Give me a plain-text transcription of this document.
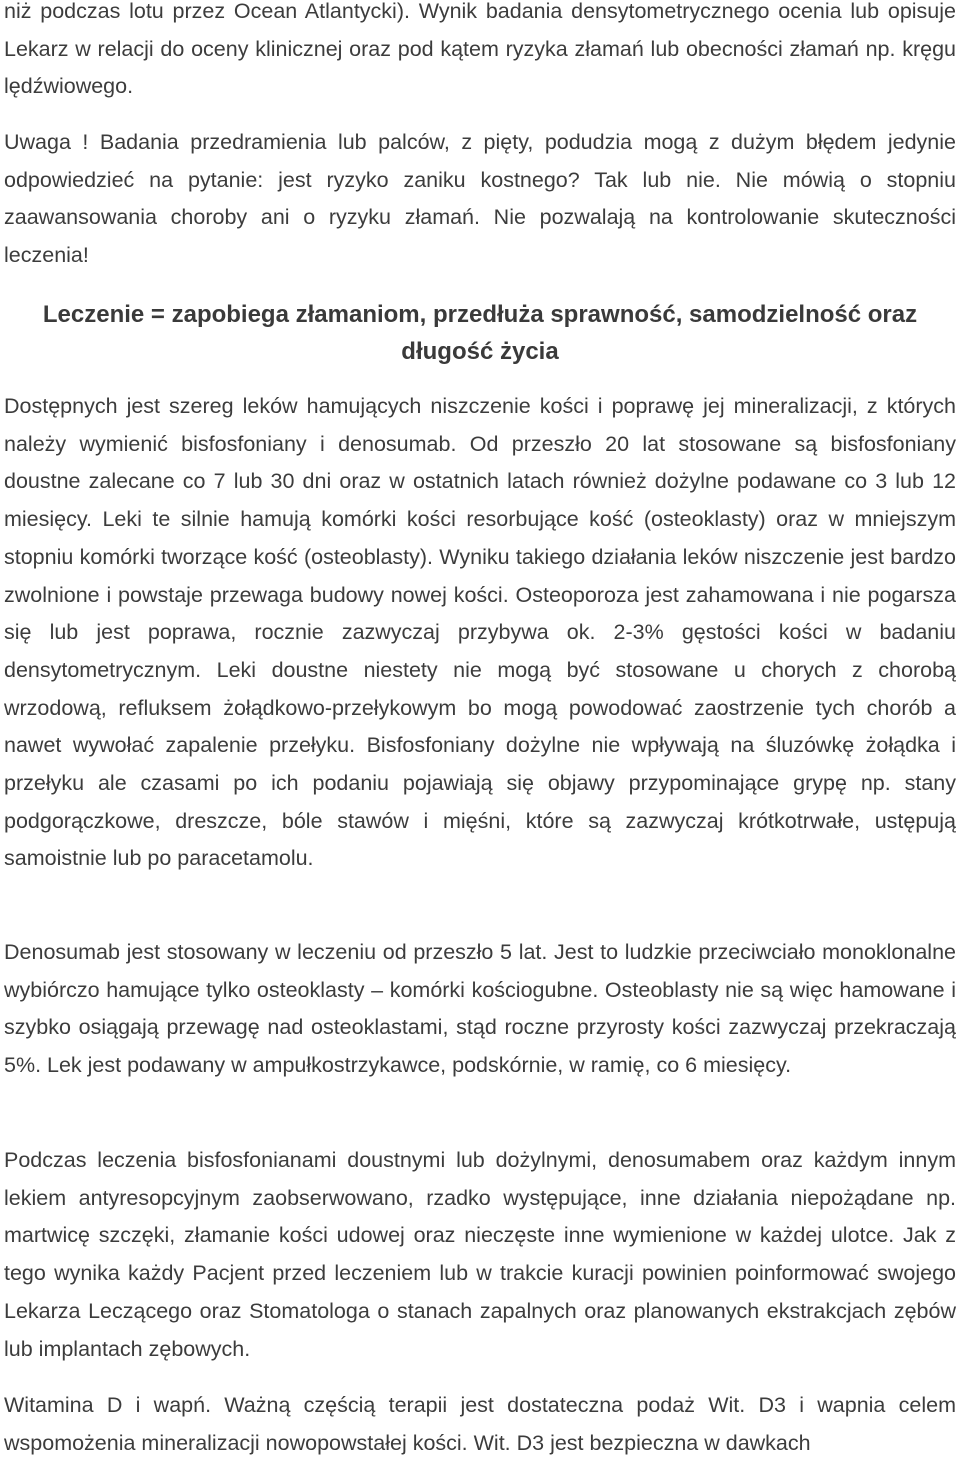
niż podczas lotu przez Ocean Atlantycki). Wynik badania densytometrycznego ocenia lub opisuje Lekarz w relacji do oceny klinicznej oraz pod kątem ryzyka złamań lub obecności złamań np. kręgu lędźwiowego.

Uwaga ! Badania przedramienia lub palców, z pięty, podudzia mogą z dużym błędem jedynie odpowiedzieć na pytanie: jest ryzyko zaniku kostnego? Tak lub nie. Nie mówią o stopniu zaawansowania choroby ani o ryzyku złamań. Nie pozwalają na kontrolowanie skuteczności leczenia!

Leczenie = zapobiega złamaniom, przedłuża sprawność, samodzielność oraz długość życia

Dostępnych jest szereg leków hamujących niszczenie kości i poprawę jej mineralizacji, z których należy wymienić bisfosfoniany i denosumab. Od przeszło 20 lat stosowane są bisfosfoniany doustne zalecane co 7 lub 30 dni oraz w ostatnich latach również dożylne podawane co 3 lub 12 miesięcy. Leki te silnie hamują komórki kości resorbujące kość (osteoklasty) oraz w mniejszym stopniu komórki tworzące kość (osteoblasty). Wyniku takiego działania leków niszczenie jest bardzo zwolnione i powstaje przewaga budowy nowej kości. Osteoporoza jest zahamowana i nie pogarsza się lub jest poprawa, rocznie zazwyczaj przybywa ok. 2-3% gęstości kości w badaniu densytometrycznym. Leki doustne niestety nie mogą być stosowane u chorych z chorobą wrzodową, refluksem żołądkowo-przełykowym bo mogą powodować zaostrzenie tych chorób a nawet wywołać zapalenie przełyku. Bisfosfoniany dożylne nie wpływają na śluzówkę żołądka i przełyku ale czasami po ich podaniu pojawiają się objawy przypominające grypę np. stany podgorączkowe, dreszcze, bóle stawów i mięśni, które są zazwyczaj krótkotrwałe, ustępują samoistnie lub po paracetamolu.

Denosumab jest stosowany w leczeniu od przeszło 5 lat. Jest to ludzkie przeciwciało monoklonalne wybiórczo hamujące tylko osteoklasty – komórki kościogubne. Osteoblasty nie są więc hamowane i szybko osiągają przewagę nad osteoklastami, stąd roczne przyrosty kości zazwyczaj przekraczają 5%. Lek jest podawany w ampułkostrzykawce, podskórnie, w ramię, co 6 miesięcy.

Podczas leczenia bisfosfonianami doustnymi lub dożylnymi, denosumabem oraz każdym innym lekiem antyresopcyjnym zaobserwowano, rzadko występujące, inne działania niepożądane np. martwicę szczęki, złamanie kości udowej oraz nieczęste inne wymienione w każdej ulotce. Jak z tego wynika każdy Pacjent przed leczeniem lub w trakcie kuracji powinien poinformować swojego Lekarza Leczącego oraz Stomatologa o stanach zapalnych oraz planowanych ekstrakcjach zębów lub implantach zębowych.

Witamina D i wapń. Ważną częścią terapii jest dostateczna podaż Wit. D3 i wapnia celem wspomożenia mineralizacji nowopowstałej kości. Wit. D3 jest bezpieczna w dawkach
